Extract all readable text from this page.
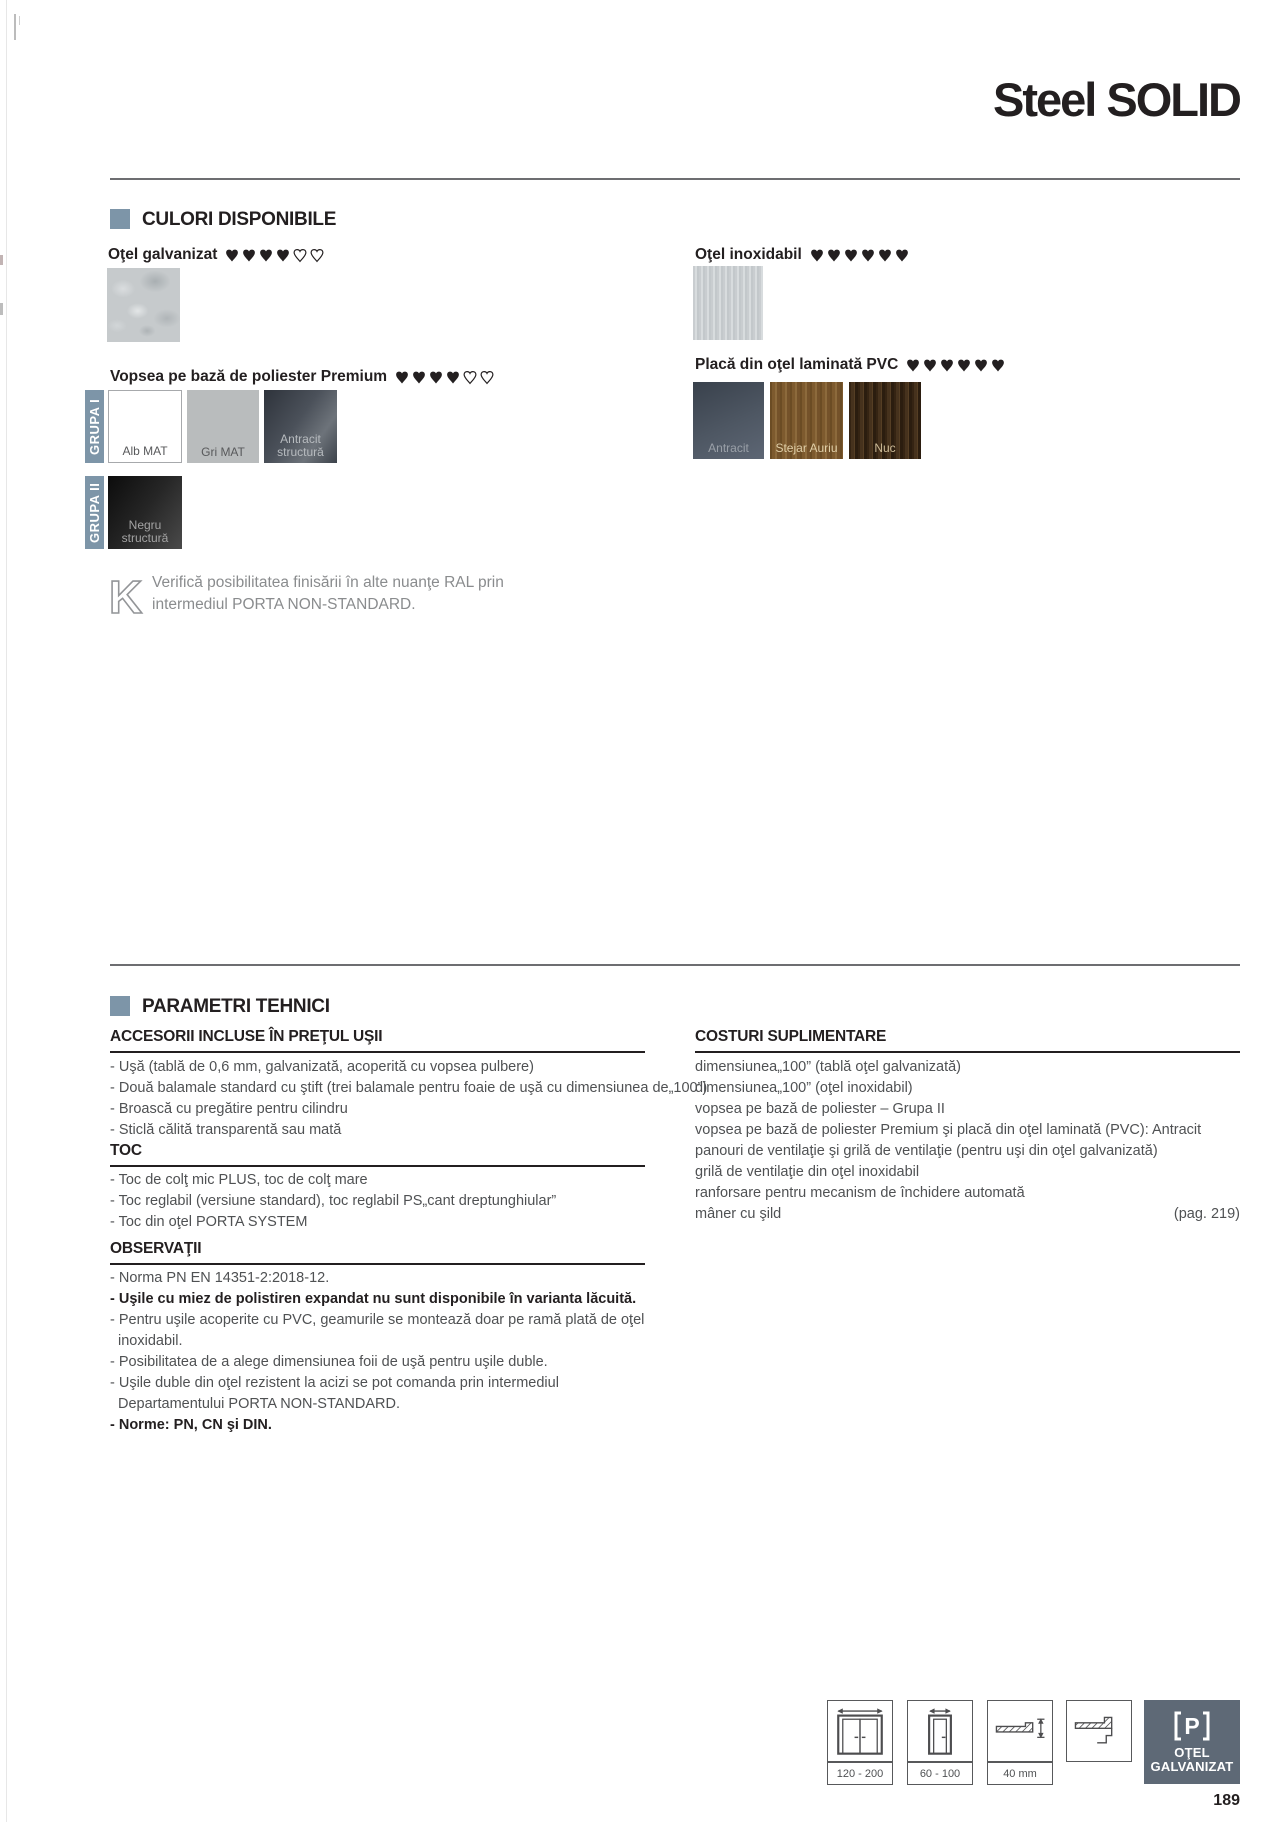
Steel SOLID
CULORI DISPONIBILE
Oţel galvanizat	Oţel inoxidabil
Vopsea pe bază de poliester Premium
GRUPA I	Alb MAT	Gri MAT
Antracit structură
GRUPA II	Negru structură
Placă din oţel laminată PVC
Antracit	Stejar Auriu	Nuc
K Verifică posibilitatea finisării în alte nuanţe RAL prin intermediul PORTA NON-STANDARD.
PARAMETRI TEHNICI
ACCESORII INCLUSE ÎN PREŢUL UŞII
- Uşă (tablă de 0,6 mm, galvanizată, acoperită cu vopsea pulbere)
- Două balamale standard cu ştift (trei balamale pentru foaie de uşă cu dimensiunea de„100”)
- Broască cu pregătire pentru cilindru
- Sticlă călită transparentă sau mată
TOC
- Toc de colţ mic PLUS, toc de colţ mare
- Toc reglabil (versiune standard), toc reglabil PS„cant dreptunghiular”
- Toc din oţel PORTA SYSTEM
OBSERVAŢII
- Norma PN EN 14351-2:2018-12.
- Uşile cu miez de polistiren expandat nu sunt disponibile în varianta lăcuită.
- Pentru uşile acoperite cu PVC, geamurile se montează doar pe ramă plată de oţel inoxidabil.
- Posibilitatea de a alege dimensiunea foii de uşă pentru uşile duble.
- Uşile duble din oţel rezistent la acizi se pot comanda prin intermediul Departamentului PORTA NON-STANDARD.
- Norme: PN, CN şi DIN.
COSTURI SUPLIMENTARE
dimensiunea„100” (tablă oţel galvanizată)
dimensiunea„100” (oţel inoxidabil)
vopsea pe bază de poliester – Grupa II
vopsea pe bază de poliester Premium şi placă din oţel laminată (PVC): Antracit
panouri de ventilaţie şi grilă de ventilaţie (pentru uşi din oţel galvanizată)
grilă de ventilaţie din oţel inoxidabil
ranforsare pentru mecanism de închidere automată
mâner cu şild	(pag. 219)
120 - 200	60 - 100	40 mm
P
OŢEL GALVANIZAT
189
